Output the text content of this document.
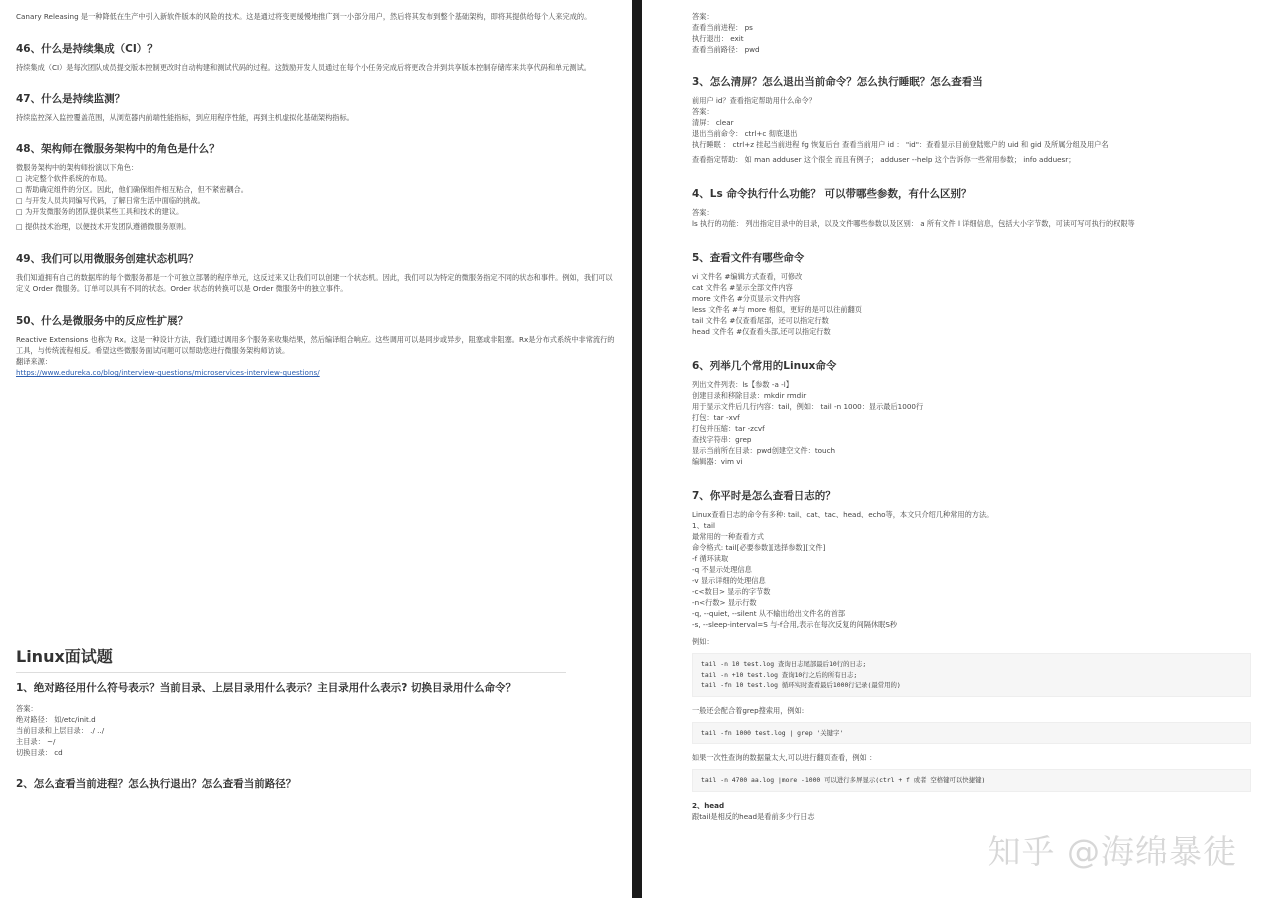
Canary Releasing 是一种降低在生产中引入新软件版本的风险的技术。这是通过将变更缓慢地推广到一小部分用户，然后将其发布到整个基础架构，即将其提供给每个人来完成的。

46、什么是持续集成（CI）？

持续集成（CI）是每次团队成员提交版本控制更改时自动构建和测试代码的过程。这鼓励开发人员通过在每个小任务完成后将更改合并到共享版本控制存储库来共享代码和单元测试。

47、什么是持续监测？

持续监控深入监控覆盖范围，从浏览器内前端性能指标，到应用程序性能，再到主机虚拟化基础架构指标。

48、架构师在微服务架构中的角色是什么？

微服务架构中的架构师扮演以下角色：

□ 决定整个软件系统的布局。

□ 帮助确定组件的分区。因此，他们确保组件相互粘合，但不紧密耦合。

□ 与开发人员共同编写代码，了解日常生活中面临的挑战。

□ 为开发微服务的团队提供某些工具和技术的建议。

□ 提供技术治理，以便技术开发团队遵循微服务原则。

49、我们可以用微服务创建状态机吗？

我们知道拥有自己的数据库的每个微服务都是一个可独立部署的程序单元，这反过来又让我们可以创建一个状态机。因此，我们可以为特定的微服务指定不同的状态和事件。例如，我们可以定义 Order 微服务。订单可以具有不同的状态。Order 状态的转换可以是 Order 微服务中的独立事件。

50、什么是微服务中的反应性扩展？

Reactive Extensions 也称为 Rx。这是一种设计方法，我们通过调用多个服务来收集结果，然后编译组合响应。这些调用可以是同步或异步，阻塞或非阻塞。Rx是分布式系统中非常流行的工具，与传统流程相反。希望这些微服务面试问题可以帮助您进行微服务架构师访谈。

翻译来源：

https://www.edureka.co/blog/interview-questions/microservices-interview-questions/
Linux面试题
1、绝对路径用什么符号表示？当前目录、上层目录用什么表示？主目录用什么表示? 切换目录用什么命令？

答案：

绝对路径： 如/etc/init.d

当前目录和上层目录： ./ ../

主目录： ~/

切换目录： cd

2、怎么查看当前进程？怎么执行退出？怎么查看当前路径？

答案：

查看当前进程： ps

执行退出： exit

查看当前路径： pwd

3、怎么清屏？怎么退出当前命令？怎么执行睡眠？怎么查看当

前用户 id？查看指定帮助用什么命令？

答案：

清屏： clear

退出当前命令： ctrl+c 彻底退出

执行睡眠 ： ctrl+z 挂起当前进程 fg 恢复后台 查看当前用户 id ： "id"：查看显示目前登陆账户的 uid 和 gid 及所属分组及用户名

查看指定帮助： 如 man adduser 这个很全 而且有例子； adduser --help 这个告诉你一些常用参数； info adduesr；

4、Ls 命令执行什么功能？ 可以带哪些参数，有什么区别？

答案：

ls 执行的功能： 列出指定目录中的目录，以及文件哪些参数以及区别： a 所有文件 l 详细信息，包括大小字节数，可读可写可执行的权限等

5、查看文件有哪些命令

vi 文件名 #编辑方式查看，可修改

cat 文件名 #显示全部文件内容

more 文件名 #分页显示文件内容

less 文件名 #与 more 相似，更好的是可以往前翻页

tail 文件名 #仅查看尾部，还可以指定行数

head 文件名 #仅查看头部,还可以指定行数

6、列举几个常用的Linux命令

列出文件列表：ls【参数 -a -l】

创建目录和移除目录：mkdir rmdir

用于显示文件后几行内容：tail，例如： tail -n 1000：显示最后1000行

打包：tar -xvf

打包并压缩：tar -zcvf

查找字符串：grep

显示当前所在目录：pwd创建空文件：touch

编辑器：vim vi

7、你平时是怎么查看日志的？

Linux查看日志的命令有多种: tail、cat、tac、head、echo等，本文只介绍几种常用的方法。

1、tail

最常用的一种查看方式

命令格式: tail[必要参数][选择参数][文件]

-f 循环读取

-q 不显示处理信息

-v 显示详细的处理信息

-c<数目> 显示的字节数

-n<行数> 显示行数

-q, --quiet, --silent 从不输出给出文件名的首部

-s, --sleep-interval=S 与-f合用,表示在每次反复的间隔休眠S秒

例如：

tail -n 10 test.log 查询日志尾部最后10行的日志;
tail -n +10 test.log 查询10行之后的所有日志;
tail -fn 10 test.log 循环实时查看最后1000行记录(最常用的)

一般还会配合着grep搜索用，例如:

tail -fn 1000 test.log | grep '关键字'

如果一次性查询的数据量太大,可以进行翻页查看，例如 ：

tail -n 4700 aa.log |more -1000 可以进行多屏显示(ctrl + f 或者 空格键可以快捷键)

2、head

跟tail是相反的head是看前多少行日志

知乎 @海绵暴徒
